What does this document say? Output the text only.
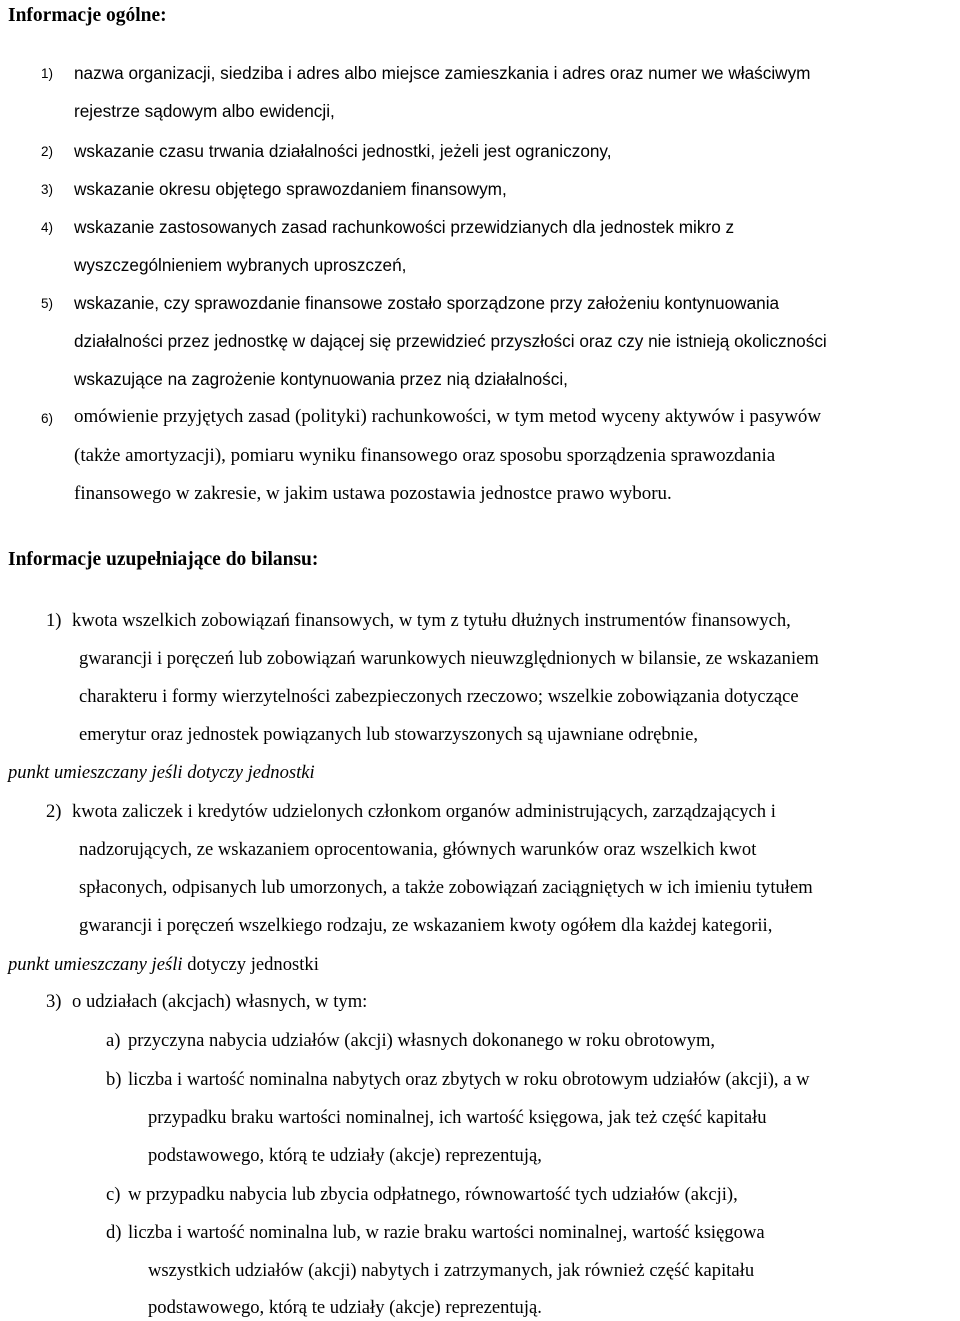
Informacje ogólne:
1) nazwa organizacji, siedziba i adres albo miejsce zamieszkania i adres oraz numer we właściwym
rejestrze sądowym albo ewidencji,
2) wskazanie czasu trwania działalności jednostki, jeżeli jest ograniczony,
3) wskazanie okresu objętego sprawozdaniem finansowym,
4) wskazanie zastosowanych zasad rachunkowości przewidzianych dla jednostek mikro z
wyszczególnieniem wybranych uproszczeń,
5) wskazanie, czy sprawozdanie finansowe zostało sporządzone przy założeniu kontynuowania
działalności przez jednostkę w dającej się przewidzieć przyszłości oraz czy nie istnieją okoliczności
wskazujące na zagrożenie kontynuowania przez nią działalności,
6) omówienie przyjętych zasad (polityki) rachunkowości, w tym metod wyceny aktywów i pasywów
(także amortyzacji), pomiaru wyniku finansowego oraz sposobu sporządzenia sprawozdania
finansowego w zakresie, w jakim ustawa pozostawia jednostce prawo wyboru.
Informacje uzupełniające do bilansu:
1) kwota wszelkich zobowiązań finansowych, w tym z tytułu dłużnych instrumentów finansowych,
gwarancji i poręczeń lub zobowiązań warunkowych nieuwzględnionych w bilansie, ze wskazaniem
charakteru i formy wierzytelności zabezpieczonych rzeczowo; wszelkie zobowiązania dotyczące
emerytur oraz jednostek powiązanych lub stowarzyszonych są ujawniane odrębnie,
punkt umieszczany jeśli dotyczy jednostki
2) kwota zaliczek i kredytów udzielonych członkom organów administrujących, zarządzających i
nadzorujących, ze wskazaniem oprocentowania, głównych warunków oraz wszelkich kwot
spłaconych, odpisanych lub umorzonych, a także zobowiązań zaciągniętych w ich imieniu tytułem
gwarancji i poręczeń wszelkiego rodzaju, ze wskazaniem kwoty ogółem dla każdej kategorii,
punkt umieszczany jeśli dotyczy jednostki
3) o udziałach (akcjach) własnych, w tym:
a) przyczyna nabycia udziałów (akcji) własnych dokonanego w roku obrotowym,
b) liczba i wartość nominalna nabytych oraz zbytych w roku obrotowym udziałów (akcji), a w
przypadku braku wartości nominalnej, ich wartość księgowa, jak też część kapitału
podstawowego, którą te udziały (akcje) reprezentują,
c) w przypadku nabycia lub zbycia odpłatnego, równowartość tych udziałów (akcji),
d) liczba i wartość nominalna lub, w razie braku wartości nominalnej, wartość księgowa
wszystkich udziałów (akcji) nabytych i zatrzymanych, jak również część kapitału
podstawowego, którą te udziały (akcje) reprezentują.
